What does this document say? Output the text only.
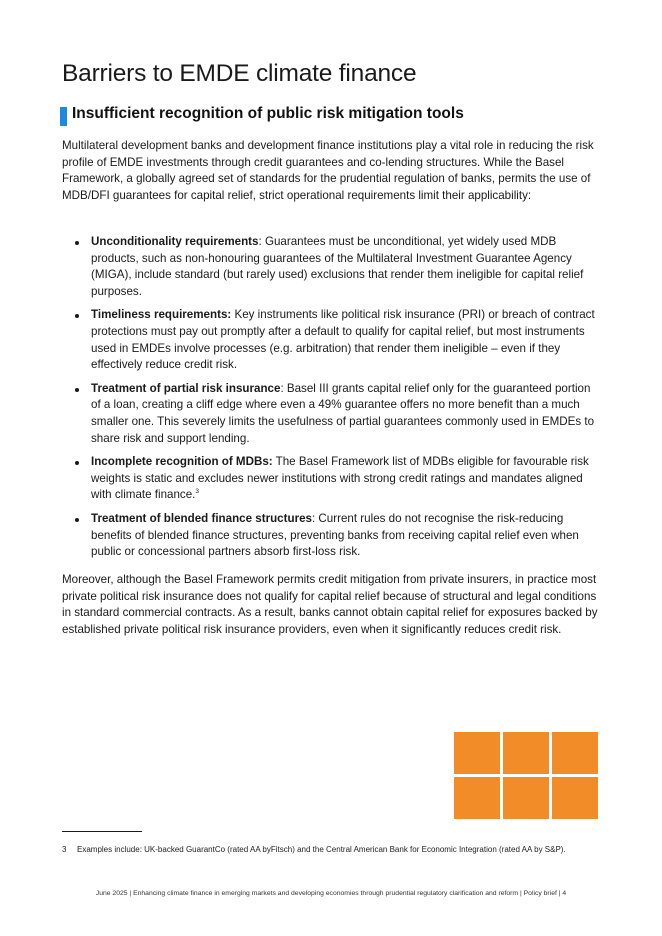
Barriers to EMDE climate finance
Insufficient recognition of public risk mitigation tools

Multilateral development banks and development finance institutions play a vital role in reducing the risk profile of EMDE investments through credit guarantees and co-lending structures. While the Basel Framework, a globally agreed set of standards for the prudential regulation of banks, permits the use of MDB/DFI guarantees for capital relief, strict operational requirements limit their applicability:

Unconditionality requirements: Guarantees must be unconditional, yet widely used MDB products, such as non-honouring guarantees of the Multilateral Investment Guarantee Agency (MIGA), include standard (but rarely used) exclusions that render them ineligible for capital relief purposes.
Timeliness requirements: Key instruments like political risk insurance (PRI) or breach of contract protections must pay out promptly after a default to qualify for capital relief, but most instruments used in EMDEs involve processes (e.g. arbitration) that render them ineligible – even if they effectively reduce credit risk.
Treatment of partial risk insurance: Basel III grants capital relief only for the guaranteed portion of a loan, creating a cliff edge where even a 49% guarantee offers no more benefit than a much smaller one. This severely limits the usefulness of partial guarantees commonly used in EMDEs to share risk and support lending.
Incomplete recognition of MDBs: The Basel Framework list of MDBs eligible for favourable risk weights is static and excludes newer institutions with strong credit ratings and mandates aligned with climate finance.$^3$
Treatment of blended finance structures: Current rules do not recognise the risk-reducing benefits of blended finance structures, preventing banks from receiving capital relief even when public or concessional partners absorb first-loss risk.

Moreover, although the Basel Framework permits credit mitigation from private insurers, in practice most private political risk insurance does not qualify for capital relief because of structural and legal conditions in standard commercial contracts. As a result, banks cannot obtain capital relief for exposures backed by established private political risk insurance providers, even when it significantly reduces credit risk.

3	Examples include: UK-backed GuarantCo (rated AA byFitsch) and the Central American Bank for Economic Integration (rated AA by S&P).
June 2025 | Enhancing climate finance in emerging markets and developing economies through prudential regulatory clarification and reform | Policy brief | 4
